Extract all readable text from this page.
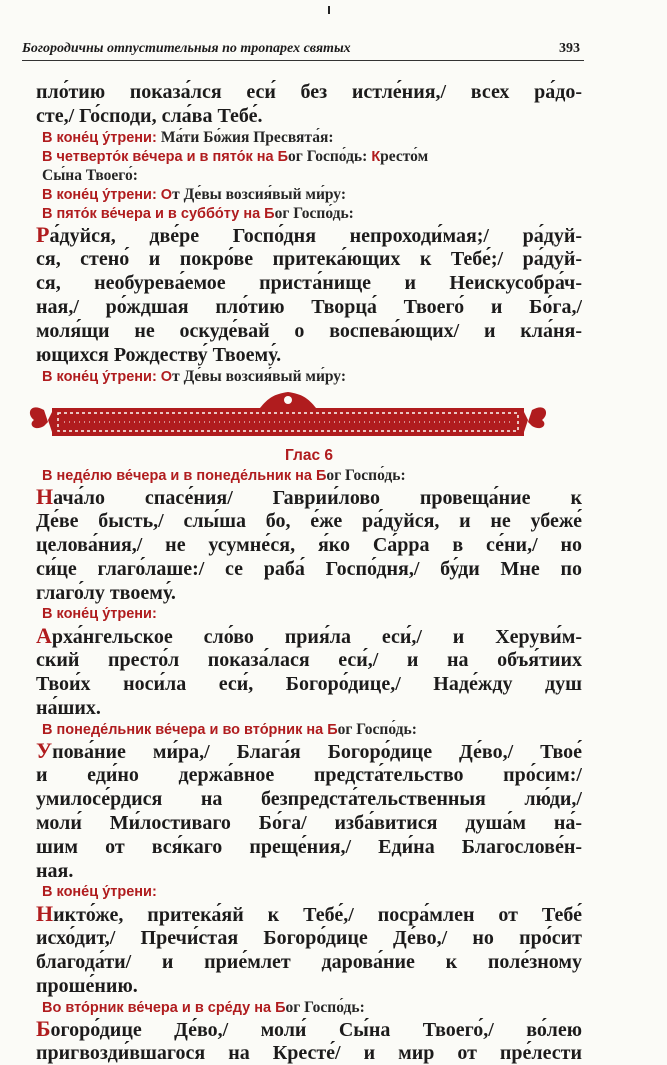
Богородичны отпустительныя по тропарех святых	393
пло́тию показа́лся еси́ без истле́ния,/ всех ра́до-
сте,/ Го́споди, сла́ва Тебе́.
В коне́ц у́трени: Ма́ти Бо́жия Пресвята́я:
В четверто́к ве́чера и в пято́к на Бог Госпо́дь: Кресто́м
Сы́на Твоего́:
В коне́ц у́трени: От Де́вы возсия́вый ми́ру:
В пято́к ве́чера и в суббо́ту на Бог Госпо́дь:
Ра́дуйся, две́ре Госпо́дня непроходи́мая;/ ра́дуй-
ся, стено́ и покро́ве притека́ющих к Тебе́;/ ра́дуй-
ся, необурева́емое приста́нище и Неискусобра́ч-
ная,/ ро́ждшая пло́тию Творца́ Твоего́ и Бо́га,/
моля́щи не оскуде́вай о воспева́ющих/ и кла́ня-
ющихся Рождеству́ Твоему́.
В коне́ц у́трени: От Де́вы возсия́вый ми́ру:
Глас 6
В неде́лю ве́чера и в понеде́льник на Бог Госпо́дь:
Нача́ло спасе́ния/ Гаврии́лово провеща́ние к
Де́ве бысть,/ слы́ша бо, е́же ра́дуйся, и не убеже́
целова́ния,/ не усумне́ся, я́ко Са́рра в се́ни,/ но
си́це глаго́лаше:/ се раба́ Госпо́дня,/ бу́ди Мне по
глаго́лу твоему́.
В коне́ц у́трени:
Арха́нгельское сло́во прия́ла еси́,/ и Херуви́м-
ский престо́л показа́лася еси́,/ и на объя́тиих
Твои́х носи́ла еси́, Богоро́дице,/ Наде́жду душ
на́ших.
В понеде́льник ве́чера и во вто́рник на Бог Госпо́дь:
Упова́ние ми́ра,/ Блага́я Богоро́дице Де́во,/ Твое́
и еди́но держа́вное предста́тельство про́сим:/
умилосе́рдися на безпредста́тельственныя лю́ди,/
моли́ Ми́лостиваго Бо́га/ изба́витися душа́м на́-
шим от вся́каго преще́ния,/ Еди́на Благослове́н-
ная.
В коне́ц у́трени:
Никто́же, притека́яй к Тебе́,/ посра́млен от Тебе́
исхо́дит,/ Пречи́стая Богоро́дице Де́во,/ но про́сит
благода́ти/ и прие́млет дарова́ние к поле́зному
проше́нию.
Во вто́рник ве́чера и в сре́ду на Бог Госпо́дь:
Богоро́дице Де́во,/ моли́ Сы́на Твоего́,/ во́лею
пригвозди́вшагося на Кресте́/ и мир от пре́лести
